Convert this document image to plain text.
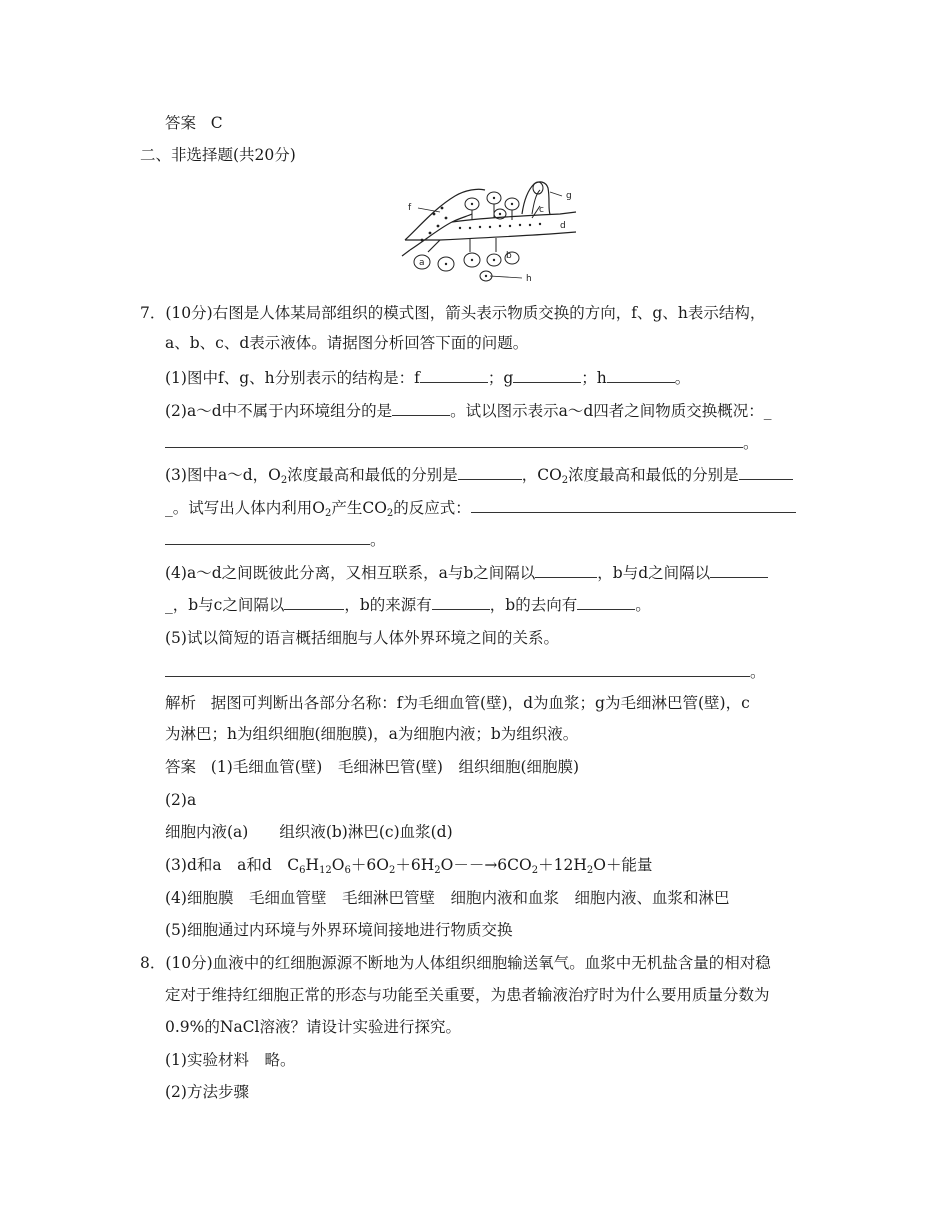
答案 C
二、非选择题(共20分)
f
g
c
d
a
b
h
7．(10分)右图是人体某局部组织的模式图，箭头表示物质交换的方向，f、g、h表示结构，
a、b、c、d表示液体。请据图分析回答下面的问题。
(1)图中f、g、h分别表示的结构是：f	；g	；h	。
(2)a～d中不属于内环境组分的是	。试以图示表示a～d四者之间物质交换概况：_
。
(3)图中a～d，$O_2$浓度最高和最低的分别是	，$CO_2$浓度最高和最低的分别是
_。试写出人体内利用$O_2$产生$CO_2$的反应式：
。
(4)a～d之间既彼此分离，又相互联系，a与b之间隔以	，b与d之间隔以
_，b与c之间隔以	，b的来源有	，b的去向有	。
(5)试以简短的语言概括细胞与人体外界环境之间的关系。
。
解析 据图可判断出各部分名称：f为毛细血管(壁)，d为血浆；g为毛细淋巴管(壁)，c
为淋巴；h为组织细胞(细胞膜)，a为细胞内液；b为组织液。
答案 (1)毛细血管(壁)　毛细淋巴管(壁)　组织细胞(细胞膜)
(2)a
细胞内液(a)　　组织液(b)淋巴(c)血浆(d)
(3)d和a　a和d　$C_6H_{12}O_6+6O_2+6H_2O--\to 6CO_2+12H_2O+$能量
(4)细胞膜　毛细血管壁　毛细淋巴管壁　细胞内液和血浆　细胞内液、血浆和淋巴
(5)细胞通过内环境与外界环境间接地进行物质交换
8．(10分)血液中的红细胞源源不断地为人体组织细胞输送氧气。血浆中无机盐含量的相对稳
定对于维持红细胞正常的形态与功能至关重要，为患者输液治疗时为什么要用质量分数为
0.9%的NaCl溶液？请设计实验进行探究。
(1)实验材料　略。
(2)方法步骤
